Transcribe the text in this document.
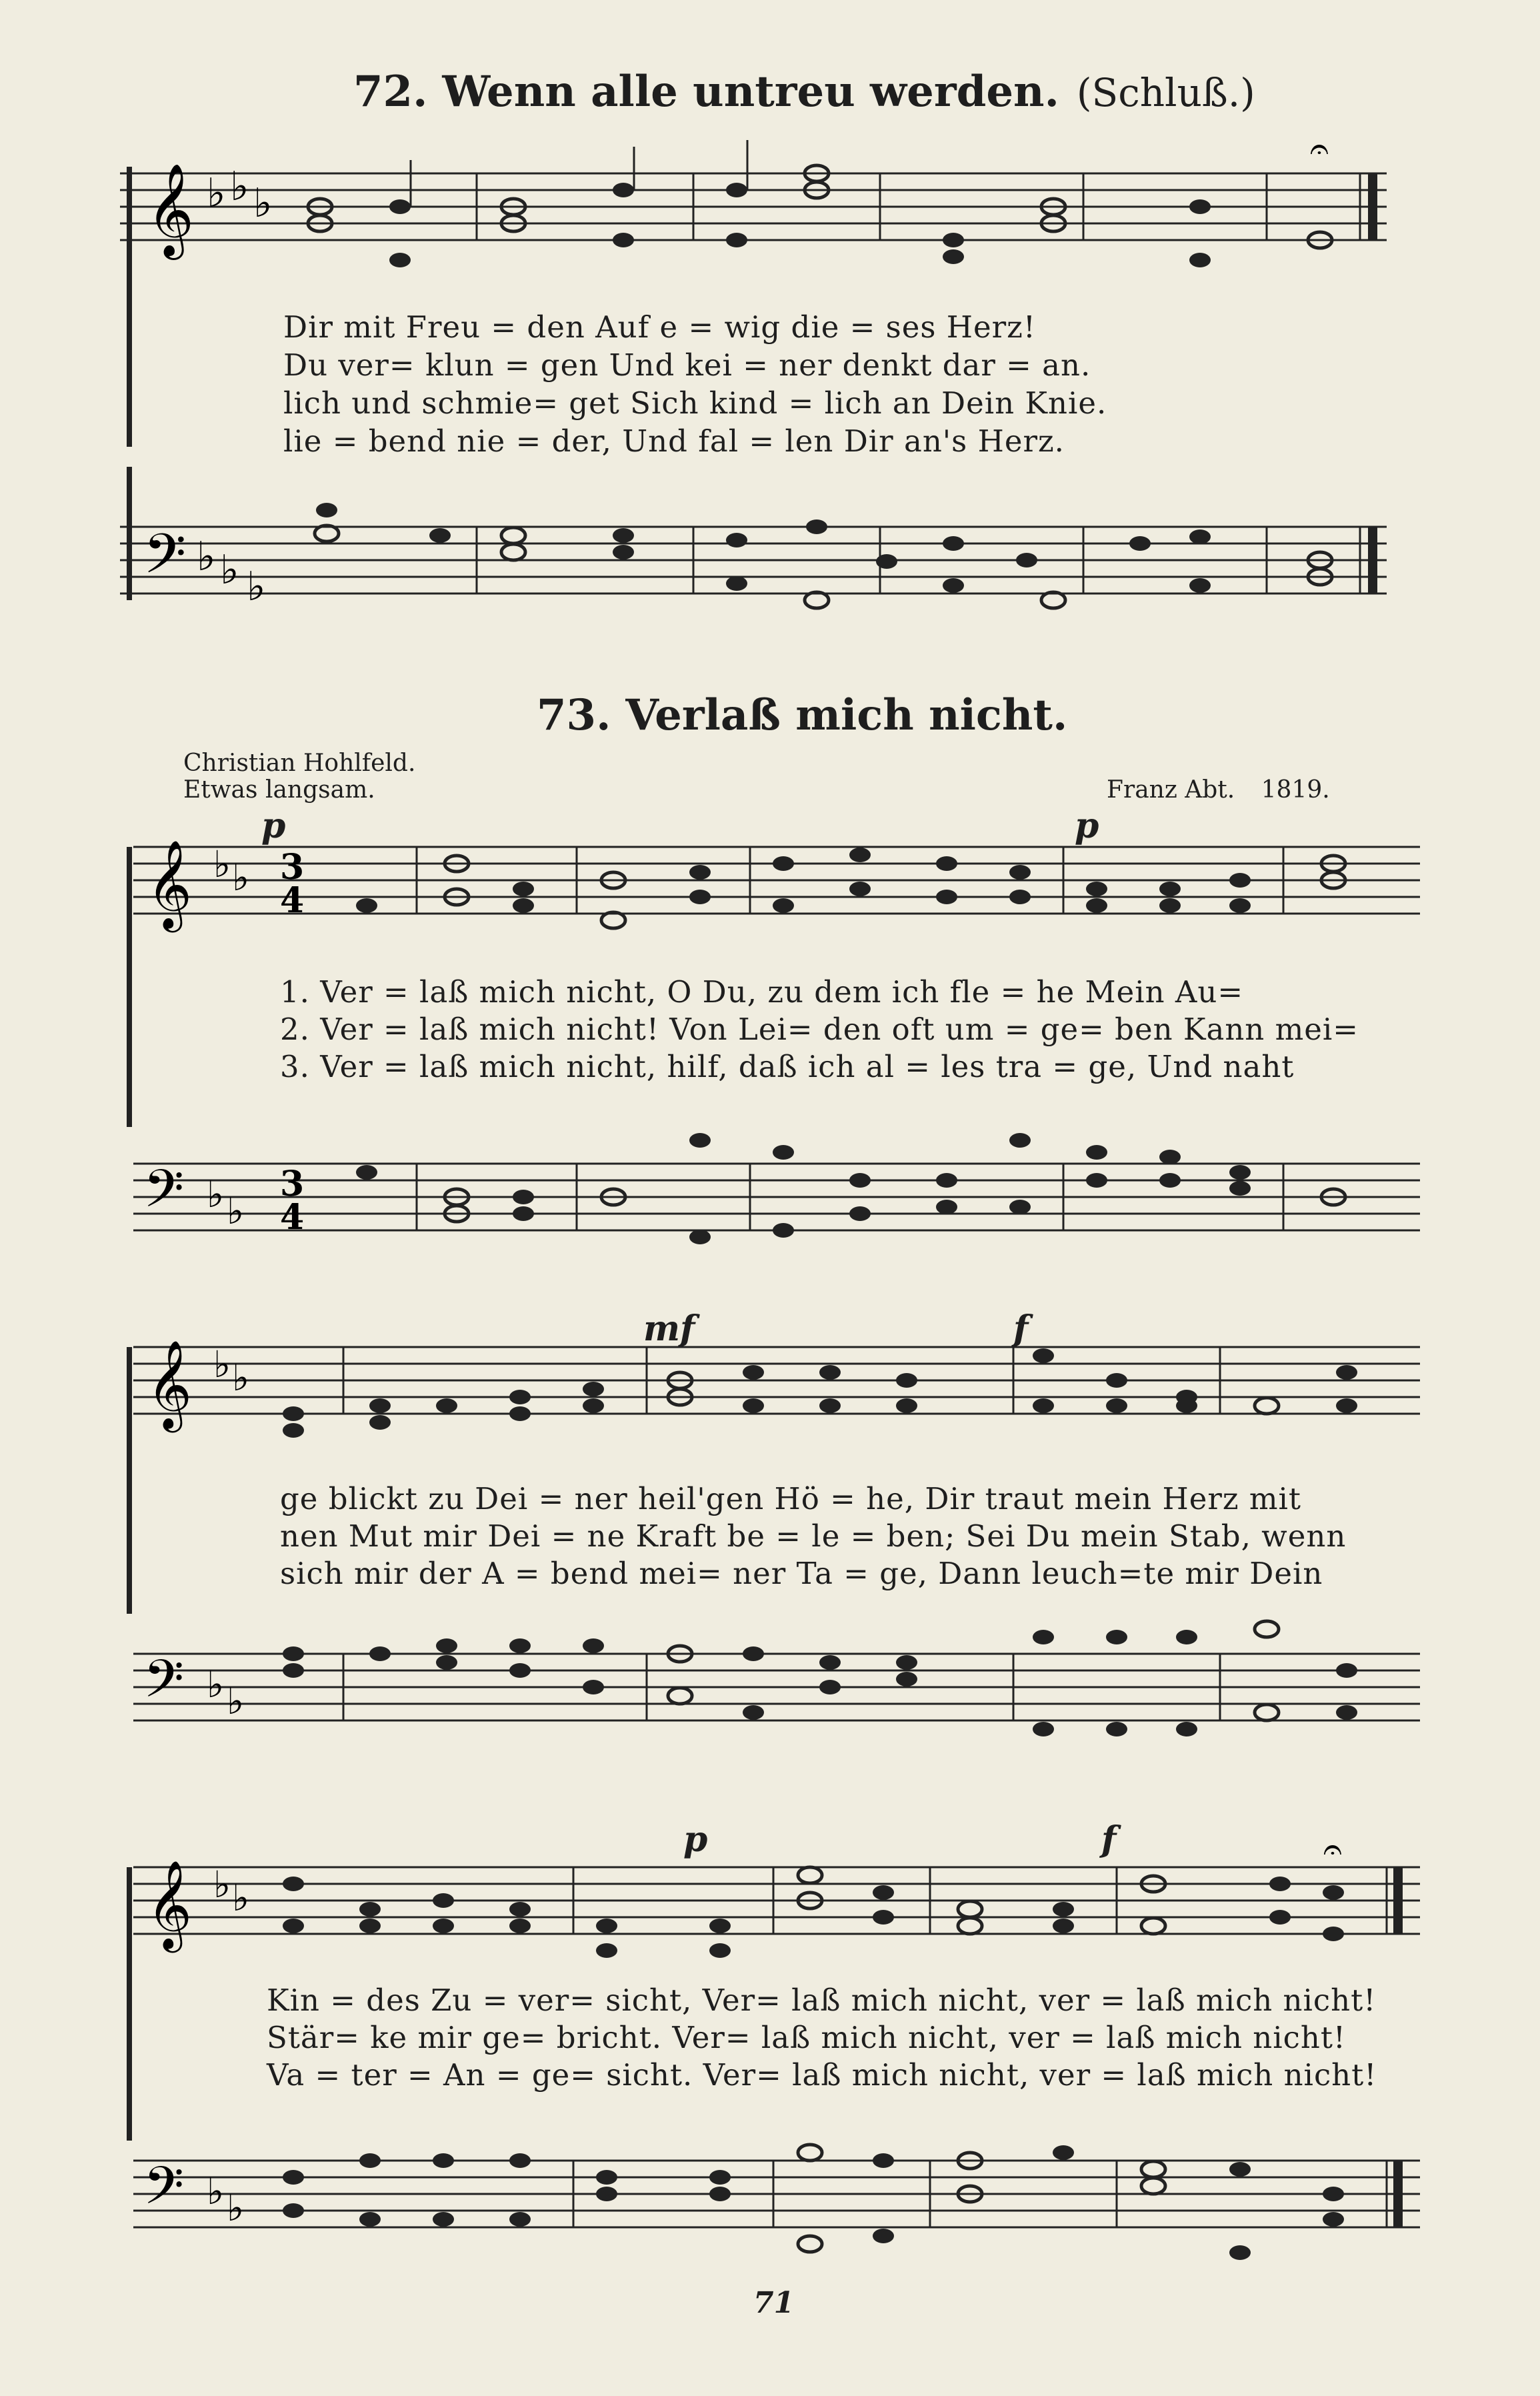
72. Wenn alle untreu werden. (Schluß.)
𝄞 ♭ ♭ ♭
𝄐
Dir mit Freu = den Auf e = wig die = ses Herz!
Du ver= klun = gen Und kei = ner denkt dar = an.
lich und schmie= get Sich kind = lich an Dein Knie.
lie = bend nie = der, Und fal = len Dir an's Herz.
𝄢 ♭ ♭ ♭
73. Verlaß mich nicht.
Christian Hohlfeld.
Etwas langsam.	Franz Abt. 1819.
p	p
𝄞 ♭ ♭ 3
4
1. Ver = laß mich nicht, O Du, zu dem ich fle = he Mein Au=
2. Ver = laß mich nicht! Von Lei= den oft um = ge= ben Kann mei=
3. Ver = laß mich nicht, hilf, daß ich al = les tra = ge, Und naht
𝄢 ♭ ♭
3
4
mf	f
𝄞 ♭ ♭
ge blickt zu Dei = ner heil'gen Hö = he, Dir traut mein Herz mit
nen Mut mir Dei = ne Kraft be = le = ben; Sei Du mein Stab, wenn
sich mir der A = bend mei= ner Ta = ge, Dann leuch=te mir Dein
𝄢 ♭ ♭
p	f
𝄞 ♭ ♭
𝄐
Kin = des Zu = ver= sicht, Ver= laß mich nicht, ver = laß mich nicht!
Stär= ke mir ge= bricht. Ver= laß mich nicht, ver = laß mich nicht!
Va = ter = An = ge= sicht. Ver= laß mich nicht, ver = laß mich nicht!
𝄢 ♭ ♭
71
